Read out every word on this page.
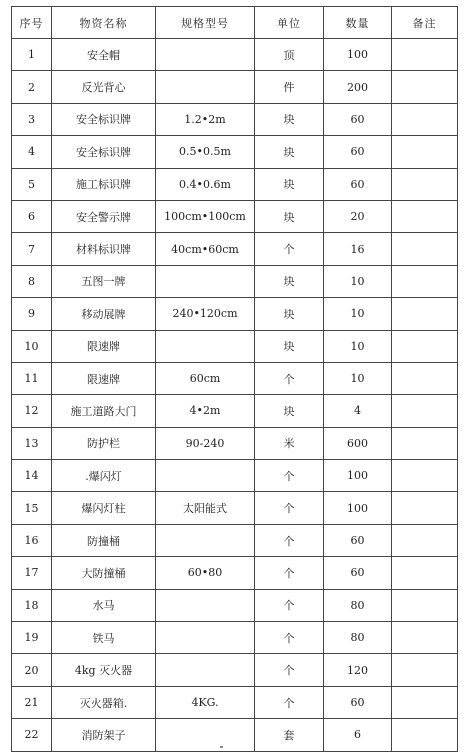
序号	物资名称	规格型号	单位	数量	备注
1	安全帽		顶	100	
2	反光背心		件	200	
3	安全标识牌	1.2•2m	块	60	
4	安全标识牌	0.5•0.5m	块	60	
5	施工标识牌	0.4•0.6m	块	60	
6	安全警示牌	100cm•100cm	块	20	
7	材料标识牌	40cm•60cm	个	16	
8	五图一牌		块	10	
9	移动展牌	240•120cm	块	10	
10	限速牌		块	10	
11	限速牌	60cm	个	10	
12	施工道路大门	4•2m	块	4	
13	防护栏	90-240	米	600	
14	.爆闪灯		个	100	
15	爆闪灯柱	太阳能式	个	100	
16	防撞桶		个	60	
17	大防撞桶	60•80	个	60	
18	水马		个	80	
19	铁马		个	80	
20	4kg 灭火器		个	120	
21	灭火器箱.	4KG.	个	60	
22	消防架子		套	6	
